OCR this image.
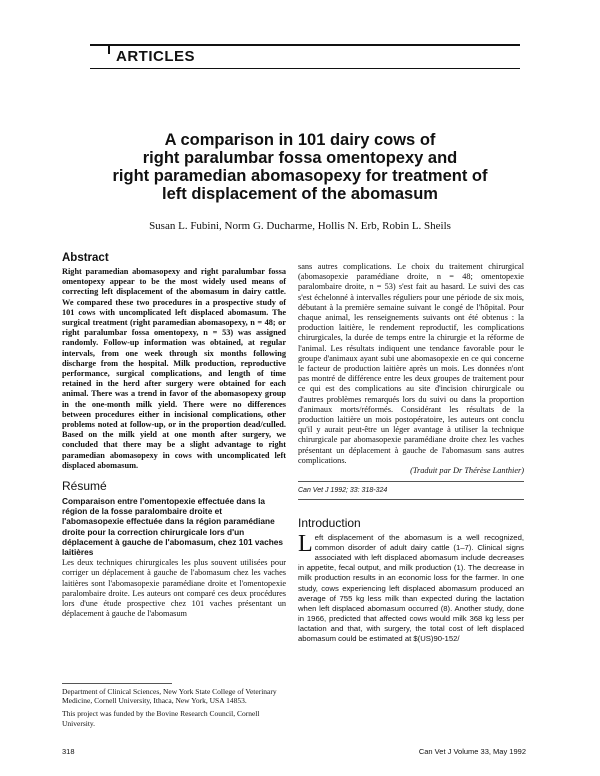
ARTICLES
A comparison in 101 dairy cows of
right paralumbar fossa omentopexy and
right paramedian abomasopexy for treatment of
left displacement of the abomasum
Susan L. Fubini, Norm G. Ducharme, Hollis N. Erb, Robin L. Sheils
Abstract

Right paramedian abomasopexy and right paralumbar fossa omentopexy appear to be the most widely used means of correcting left displacement of the abomasum in dairy cattle. We compared these two procedures in a prospective study of 101 cows with uncomplicated left displaced abomasum. The surgical treatment (right paramedian abomasopexy, n = 48; or right paralumbar fossa omentopexy, n = 53) was assigned randomly. Follow-up information was obtained, at regular intervals, from one week through six months following discharge from the hospital. Milk production, reproductive performance, surgical complications, and length of time retained in the herd after surgery were obtained for each animal. There was a trend in favor of the abomasopexy group in the one-month milk yield. There were no differences between procedures either in incisional complications, other problems noted at follow-up, or in the proportion dead/culled. Based on the milk yield at one month after surgery, we concluded that there may be a slight advantage to right paramedian abomasopexy in cows with uncomplicated left displaced abomasum.

Résumé

Comparaison entre l'omentopexie effectuée dans la région de la fosse paralombaire droite et l'abomasopexie effectuée dans la région paramédiane droite pour la correction chirurgicale lors d'un déplacement à gauche de l'abomasum, chez 101 vaches laitières

Les deux techniques chirurgicales les plus souvent utilisées pour corriger un déplacement à gauche de l'abomasum chez les vaches laitières sont l'abomasopexie paramédiane droite et l'omentopexie paralombaire droite. Les auteurs ont comparé ces deux procédures lors d'une étude prospective chez 101 vaches présentant un déplacement à gauche de l'abomasum

sans autres complications. Le choix du traitement chirurgical (abomasopexie paramédiane droite, n = 48; omentopexie paralombaire droite, n = 53) s'est fait au hasard. Le suivi des cas s'est échelonné à intervalles réguliers pour une période de six mois, débutant à la première semaine suivant le congé de l'hôpital. Pour chaque animal, les renseignements suivants ont été obtenus : la production laitière, le rendement reproductif, les complications chirurgicales, la durée de temps entre la chirurgie et la réforme de l'animal. Les résultats indiquent une tendance favorable pour le groupe d'animaux ayant subi une abomasopexie en ce qui concerne le facteur de production laitière après un mois. Les données n'ont pas montré de différence entre les deux groupes de traitement pour ce qui est des complications au site d'incision chirurgicale ou d'autres problèmes remarqués lors du suivi ou dans la proportion d'animaux morts/réformés. Considérant les résultats de la production laitière un mois postopératoire, les auteurs ont conclu qu'il y aurait peut-être un léger avantage à utiliser la technique chirurgicale par abomasopexie paramédiane droite chez les vaches présentant un déplacement à gauche de l'abomasum sans autres complications.

(Traduit par Dr Thérèse Lanthier)

Can Vet J 1992; 33: 318-324

Introduction

Left displacement of the abomasum is a well recognized, common disorder of adult dairy cattle (1–7). Clinical signs associated with left displaced abomasum include decreases in appetite, fecal output, and milk production (1). The decrease in milk production results in an economic loss for the farmer. In one study, cows experiencing left displaced abomasum produced an average of 755 kg less milk than expected during the lactation when left displaced abomasum occurred (8). Another study, done in 1966, predicted that affected cows would milk 368 kg less per lactation and that, with surgery, the total cost of left displaced abomasum could be estimated at $(US)90-152/

Department of Clinical Sciences, New York State College of Veterinary Medicine, Cornell University, Ithaca, New York, USA 14853.

This project was funded by the Bovine Research Council, Cornell University.

318	Can Vet J Volume 33, May 1992
